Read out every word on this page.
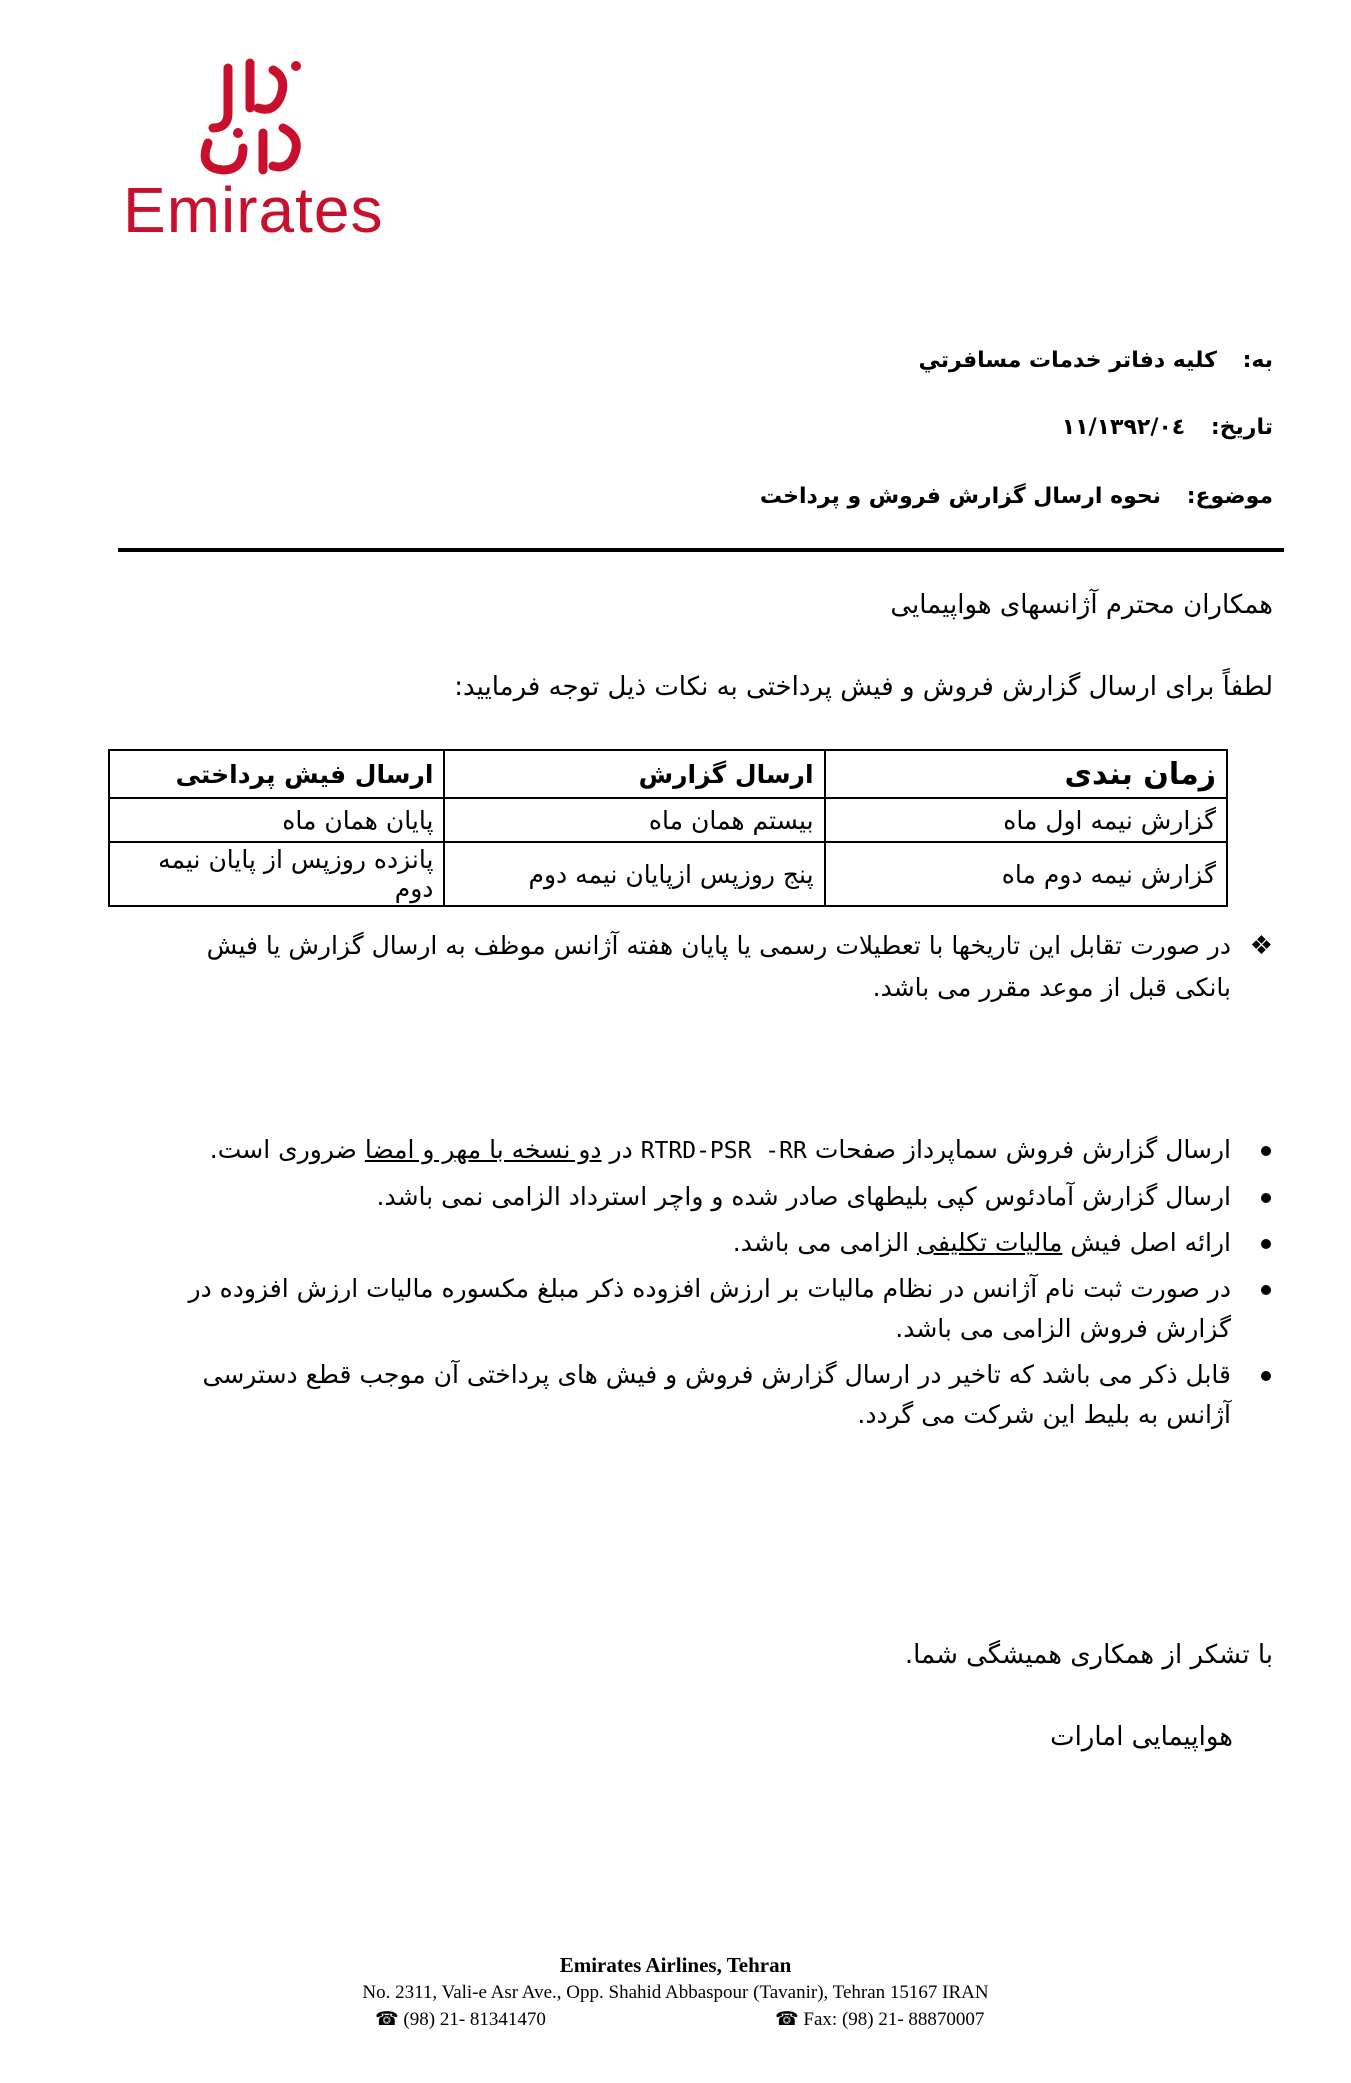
Emirates
به: كليه دفاتر خدمات مسافرتي
تاریخ: ۱۳۹۲/۰٤/۱۱
موضوع: نحوه ارسال گزارش فروش و پرداخت
همكاران محترم آژانسهای هواپیمایی
لطفاً برای ارسال گزارش فروش و فیش پرداختی به نكات ذیل توجه فرمایید:
زمان بندی	ارسال گزارش	ارسال فیش پرداختی
گزارش نیمه اول ماه	بیستم همان ماه	پایان همان ماه
گزارش نیمه دوم ماه	پنج روزپس ازپایان نیمه دوم	پانزده روزپس از پایان نیمه دوم
❖
در صورت تقابل این تاریخها با تعطیلات رسمی یا پایان هفته آژانس موظف به ارسال گزارش یا فیش بانكی قبل از موعد مقرر می باشد.
ارسال گزارش فروش سماپرداز صفحات RTRD-PSR -RR در دو نسخه با مهر و امضا ضروری است.
ارسال گزارش آمادئوس كپی بلیطهای صادر شده و واچر استرداد الزامی نمی باشد.
ارائه اصل فیش مالیات تكلیفی الزامی می باشد.
در صورت ثبت نام آژانس در نظام مالیات بر ارزش افزوده ذكر مبلغ مكسوره مالیات ارزش افزوده در گزارش فروش الزامی می باشد.
قابل ذكر می باشد كه تاخیر در ارسال گزارش فروش و فیش های پرداختی آن موجب قطع دسترسی آژانس به بلیط این شركت می گردد.
با تشكر از همكاری همیشگی شما.
هواپیمایی امارات
Emirates Airlines, Tehran
No. 2311, Vali-e Asr Ave., Opp. Shahid Abbaspour (Tavanir), Tehran 15167 IRAN
☎ (98) 21- 81341470	☎ Fax: (98) 21- 88870007
